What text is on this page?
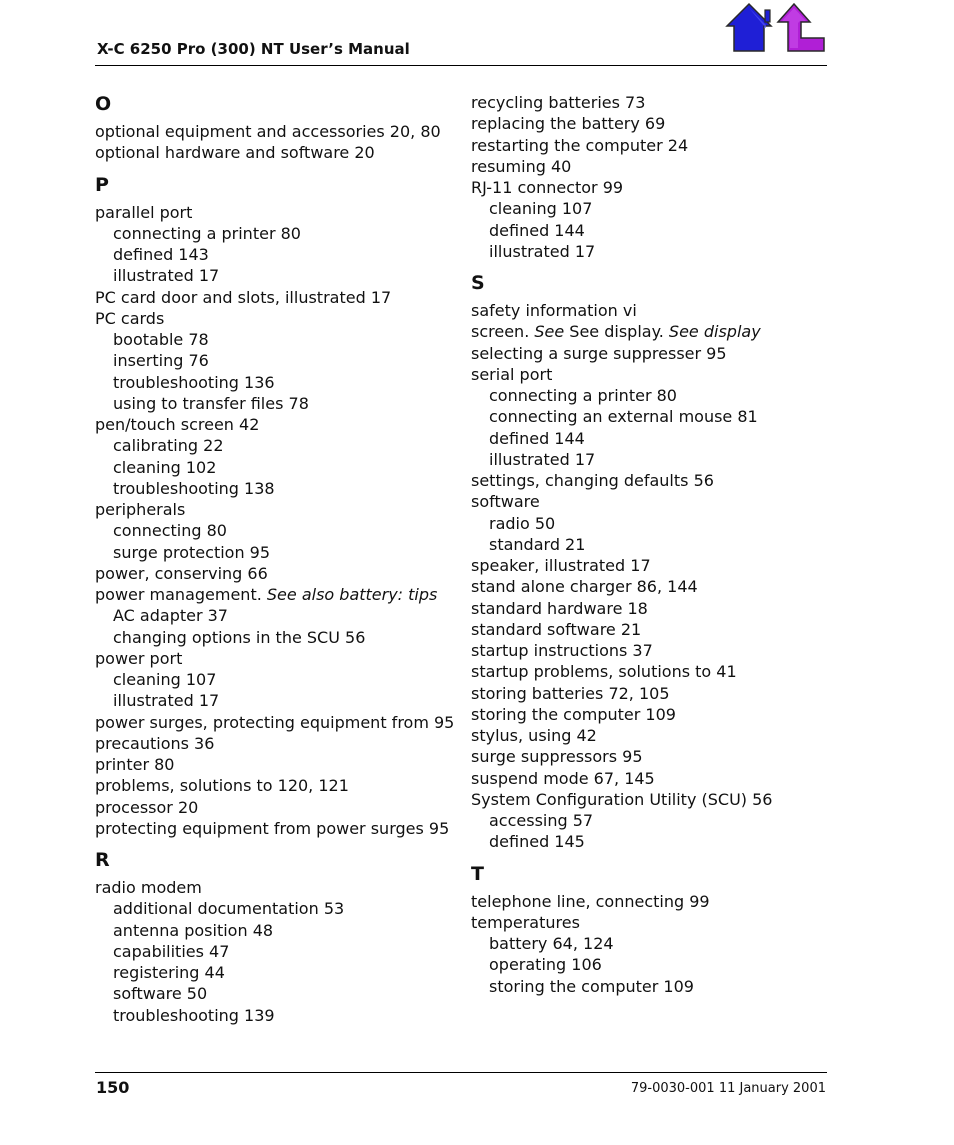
X-C 6250 Pro (300) NT User’s Manual
O
optional equipment and accessories 20, 80
optional hardware and software 20
P
parallel port
connecting a printer 80
defined 143
illustrated 17
PC card door and slots, illustrated 17
PC cards
bootable 78
inserting 76
troubleshooting 136
using to transfer files 78
pen/touch screen 42
calibrating 22
cleaning 102
troubleshooting 138
peripherals
connecting 80
surge protection 95
power, conserving 66
power management. See also battery: tips
AC adapter 37
changing options in the SCU 56
power port
cleaning 107
illustrated 17
power surges, protecting equipment from 95
precautions 36
printer 80
problems, solutions to 120, 121
processor 20
protecting equipment from power surges 95
R
radio modem
additional documentation 53
antenna position 48
capabilities 47
registering 44
software 50
troubleshooting 139
recycling batteries 73
replacing the battery 69
restarting the computer 24
resuming 40
RJ-11 connector 99
cleaning 107
defined 144
illustrated 17
S
safety information vi
screen. See See display. See display
selecting a surge suppresser 95
serial port
connecting a printer 80
connecting an external mouse 81
defined 144
illustrated 17
settings, changing defaults 56
software
radio 50
standard 21
speaker, illustrated 17
stand alone charger 86, 144
standard hardware 18
standard software 21
startup instructions 37
startup problems, solutions to 41
storing batteries 72, 105
storing the computer 109
stylus, using 42
surge suppressors 95
suspend mode 67, 145
System Configuration Utility (SCU) 56
accessing 57
defined 145
T
telephone line, connecting 99
temperatures
battery 64, 124
operating 106
storing the computer 109
150	79-0030-001 11 January 2001
